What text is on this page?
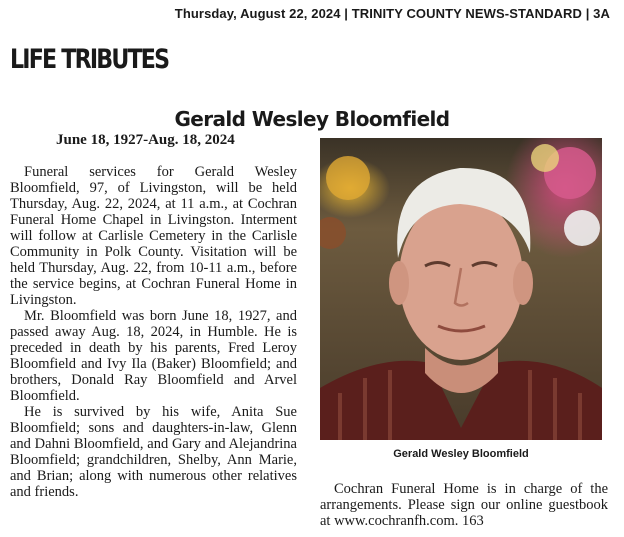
Thursday, August 22, 2024 | TRINITY COUNTY NEWS-STANDARD | 3A
LIFE TRIBUTES
Gerald Wesley Bloomfield
June 18, 1927-Aug. 18, 2024

Funeral services for Gerald Wesley Bloomfield, 97, of Livingston, will be held Thursday, Aug. 22, 2024, at 11 a.m., at Cochran Funeral Home Chapel in Livingston. Interment will follow at Carlisle Cemetery in the Carlisle Community in Polk County. Visitation will be held Thursday, Aug. 22, from 10-11 a.m., before the service begins, at Cochran Funeral Home in Livingston.

Mr. Bloomfield was born June 18, 1927, and passed away Aug. 18, 2024, in Humble. He is preceded in death by his parents, Fred Leroy Bloomfield and Ivy Ila (Baker) Bloomfield; and brothers, Donald Ray Bloomfield and Arvel Bloomfield.

He is survived by his wife, Anita Sue Bloomfield; sons and daughters-in-law, Glenn and Dahni Bloomfield, and Gary and Alejandrina Bloomfield; grandchildren, Shelby, Ann Marie, and Brian; along with numerous other relatives and friends.

Gerald Wesley Bloomfield

Cochran Funeral Home is in charge of the arrangements. Please sign our online guestbook at www.cochranfh.com. 163
